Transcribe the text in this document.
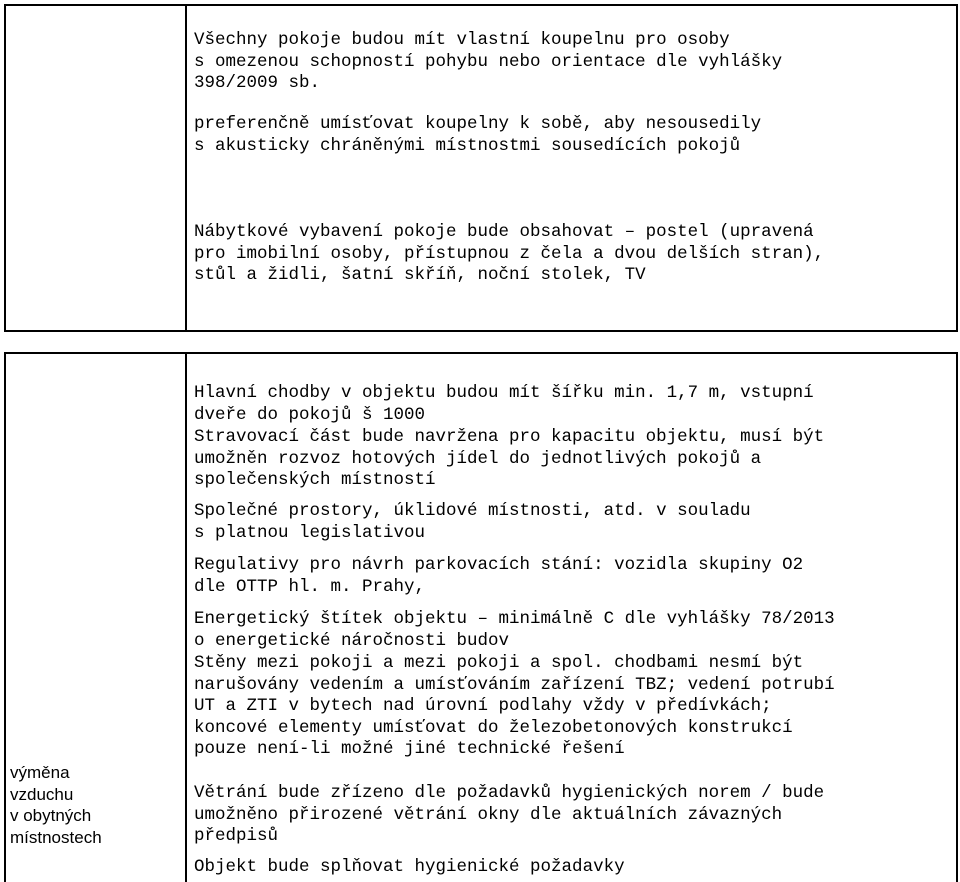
Všechny pokoje budou mít vlastní koupelnu pro osoby
s omezenou schopností pohybu nebo orientace dle vyhlášky
398/2009 sb.
preferenčně umísťovat koupelny k sobě, aby nesousedily
s akusticky chráněnými místnostmi sousedících pokojů
Nábytkové vybavení pokoje bude obsahovat – postel (upravená
pro imobilní osoby, přístupnou z čela a dvou delších stran),
stůl a židli, šatní skříň, noční stolek, TV
Hlavní chodby v objektu budou mít šířku min. 1,7 m, vstupní
dveře do pokojů š 1000
Stravovací část bude navržena pro kapacitu objektu, musí být
umožněn rozvoz hotových jídel do jednotlivých pokojů a
společenských místností
Společné prostory, úklidové místnosti, atd. v souladu
s platnou legislativou
Regulativy pro návrh parkovacích stání: vozidla skupiny O2
dle OTTP hl. m. Prahy,
Energetický štítek objektu – minimálně C dle vyhlášky 78/2013
o energetické náročnosti budov
Stěny mezi pokoji a mezi pokoji a spol. chodbami nesmí být
narušovány vedením a umísťováním zařízení TBZ; vedení potrubí
UT a ZTI v bytech nad úrovní podlahy vždy v předívkách;
koncové elementy umísťovat do železobetonových konstrukcí
pouze není-li možné jiné technické řešení
Větrání bude zřízeno dle požadavků hygienických norem / bude
umožněno přirozené větrání okny dle aktuálních závazných
předpisů
Objekt bude splňovat hygienické požadavky
výměna
vzduchu
v obytných
místnostech
